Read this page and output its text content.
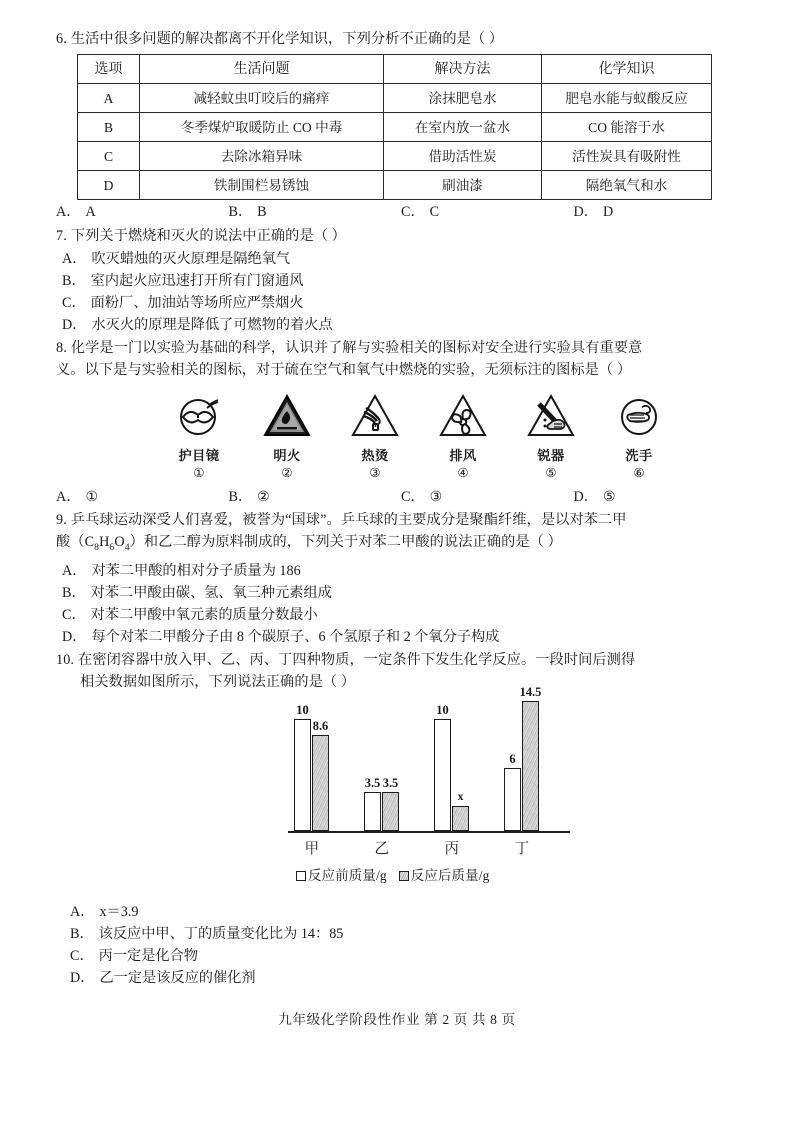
6. 生活中很多问题的解决都离不开化学知识，下列分析不正确的是（ ）
选项	生活问题	解决方法	化学知识
A	减轻蚊虫叮咬后的痛痒	涂抹肥皂水	肥皂水能与蚁酸反应
B	冬季煤炉取暖防止 CO 中毒	在室内放一盆水	CO 能溶于水
C	去除冰箱异味	借助活性炭	活性炭具有吸附性
D	铁制围栏易锈蚀	刷油漆	隔绝氧气和水
A． A	B． B	C． C	D． D
7. 下列关于燃烧和灭火的说法中正确的是（ ）
A． 吹灭蜡烛的灭火原理是隔绝氧气
B． 室内起火应迅速打开所有门窗通风
C． 面粉厂、加油站等场所应严禁烟火
D． 水灭火的原理是降低了可燃物的着火点
8. 化学是一门以实验为基础的科学，认识并了解与实验相关的图标对安全进行实验具有重要意
义。以下是与实验相关的图标，对于硫在空气和氧气中燃烧的实验，无须标注的图标是（ ）
护目镜
①
明火
②
热烫
③
排风
④
锐器
⑤
洗手
⑥
A． ①	B． ②	C． ③	D． ⑤
9. 乒乓球运动深受人们喜爱，被誉为“国球”。乒乓球的主要成分是聚酯纤维，是以对苯二甲
酸$(C_8H_6O_4)$和乙二醇为原料制成的，下列关于对苯二甲酸的说法正确的是（ ）
A． 对苯二甲酸的相对分子质量为 186
B． 对苯二甲酸由碳、氢、氧三种元素组成
C． 对苯二甲酸中氧元素的质量分数最小
D． 每个对苯二甲酸分子由 8 个碳原子、6 个氢原子和 2 个氧分子构成
10. 在密闭容器中放入甲、乙、丙、丁四种物质，一定条件下发生化学反应。一段时间后测得
相关数据如图所示，下列说法正确的是（ ）
10
8.6
3.5 3.5
10
x
6
14.5
甲	乙	丙	丁
反应前质量/g 反应后质量/g
A． x＝3.9
B． 该反应中甲、丁的质量变化比为 14：85
C． 丙一定是化合物
D． 乙一定是该反应的催化剂
九年级化学阶段性作业 第 2 页 共 8 页
